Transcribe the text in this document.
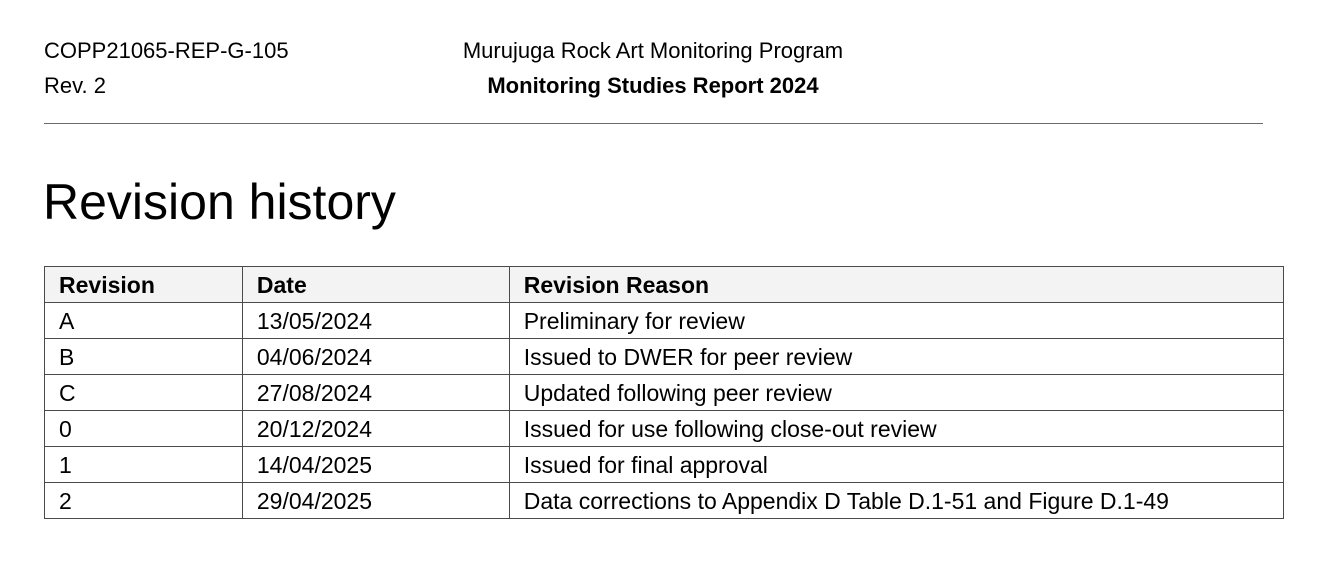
COPP21065-REP-G-105
Rev. 2
Murujuga Rock Art Monitoring Program
Monitoring Studies Report 2024
Revision history
Revision	Date	Revision Reason
A	13/05/2024	Preliminary for review
B	04/06/2024	Issued to DWER for peer review
C	27/08/2024	Updated following peer review
0	20/12/2024	Issued for use following close-out review
1	14/04/2025	Issued for final approval
2	29/04/2025	Data corrections to Appendix D Table D.1-51 and Figure D.1-49
